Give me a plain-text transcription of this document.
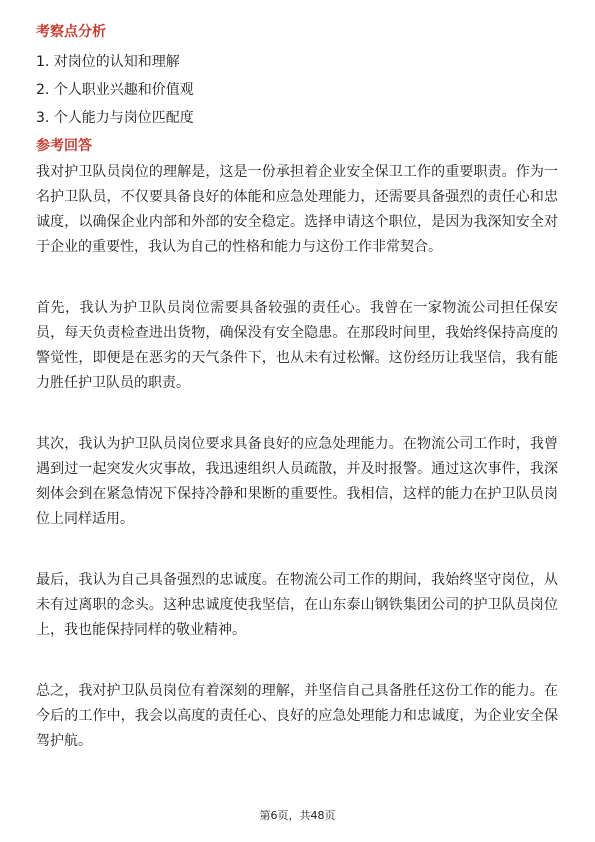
考察点分析
1. 对岗位的认知和理解
2. 个人职业兴趣和价值观
3. 个人能力与岗位匹配度
参考回答

我对护卫队员岗位的理解是，这是一份承担着企业安全保卫工作的重要职责。作为一名护卫队员，不仅要具备良好的体能和应急处理能力，还需要具备强烈的责任心和忠诚度，以确保企业内部和外部的安全稳定。选择申请这个职位，是因为我深知安全对于企业的重要性，我认为自己的性格和能力与这份工作非常契合。

首先，我认为护卫队员岗位需要具备较强的责任心。我曾在一家物流公司担任保安员，每天负责检查进出货物，确保没有安全隐患。在那段时间里，我始终保持高度的警觉性，即便是在恶劣的天气条件下，也从未有过松懈。这份经历让我坚信，我有能力胜任护卫队员的职责。

其次，我认为护卫队员岗位要求具备良好的应急处理能力。在物流公司工作时，我曾遇到过一起突发火灾事故，我迅速组织人员疏散，并及时报警。通过这次事件，我深刻体会到在紧急情况下保持冷静和果断的重要性。我相信，这样的能力在护卫队员岗位上同样适用。

最后，我认为自己具备强烈的忠诚度。在物流公司工作的期间，我始终坚守岗位，从未有过离职的念头。这种忠诚度使我坚信，在山东泰山钢铁集团公司的护卫队员岗位上，我也能保持同样的敬业精神。

总之，我对护卫队员岗位有着深刻的理解，并坚信自己具备胜任这份工作的能力。在今后的工作中，我会以高度的责任心、良好的应急处理能力和忠诚度，为企业安全保驾护航。

第6页，共48页
